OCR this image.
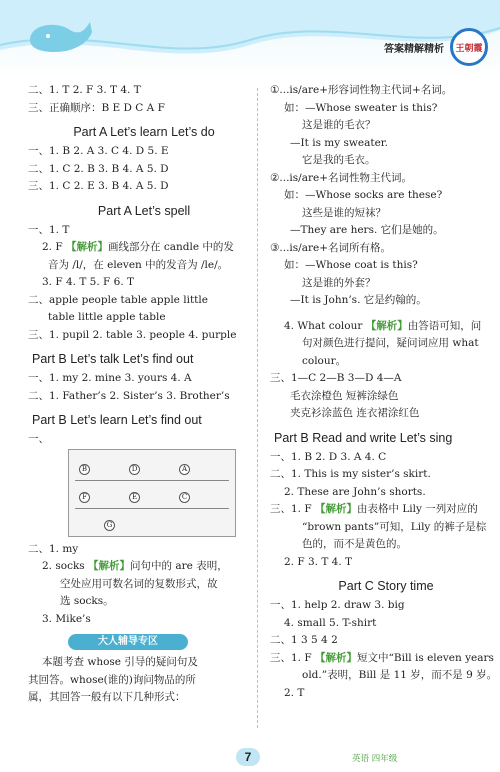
答案精解精析 王朝霞
二、1. T 2. F 3. T 4. T
三、正确顺序：B E D C A F
Part A Let’s learn Let’s do
一、1. B 2. A 3. C 4. D 5. E
二、1. C 2. B 3. B 4. A 5. D
三、1. C 2. E 3. B 4. A 5. D
Part A Let’s spell
一、1. T
2. F 【解析】画线部分在 candle 中的发
音为 /l/，在 eleven 中的发音为 /le/。
3. F 4. T 5. F 6. T
二、apple people table apple little
table little apple table
三、1. pupil 2. table 3. people 4. purple
Part B Let’s talk Let’s find out
一、1. my 2. mine 3. yours 4. A
二、1. Father’s 2. Sister’s 3. Brother’s
Part B Let’s learn Let’s find out
一、
B	D	A
F	E	C
G
二、1. my
2. socks 【解析】问句中的 are 表明，
空处应用可数名词的复数形式，故
选 socks。
3. Mike’s
大人辅导专区
本题考查 whose 引导的疑问句及
其回答。whose(谁的)询问物品的所
属，其回答一般有以下几种形式：
①...is/are+形容词性物主代词+名词。
如：—Whose sweater is this?
这是谁的毛衣？
—It is my sweater.
它是我的毛衣。
②...is/are+名词性物主代词。
如：—Whose socks are these?
这些是谁的短袜？
—They are hers. 它们是她的。
③...is/are+名词所有格。
如：—Whose coat is this?
这是谁的外套？
—It is John’s. 它是约翰的。
4. What colour 【解析】由答语可知，问
句对颜色进行提问，疑问词应用 what
colour。
三、1—C 2—B 3—D 4—A
毛衣涂橙色 短裤涂绿色
夹克衫涂蓝色 连衣裙涂红色
Part B Read and write Let’s sing
一、1. B 2. D 3. A 4. C
二、1. This is my sister’s skirt.
2. These are John’s shorts.
三、1. F 【解析】由表格中 Lily 一列对应的
“brown pants”可知，Lily 的裤子是棕
色的，而不是黄色的。
2. F 3. T 4. T
Part C Story time
一、1. help 2. draw 3. big
4. small 5. T-shirt
二、1 3 5 4 2
三、1. F 【解析】短文中“Bill is eleven years
old.”表明，Bill 是 11 岁，而不是 9 岁。
2. T
7	英语 四年级
